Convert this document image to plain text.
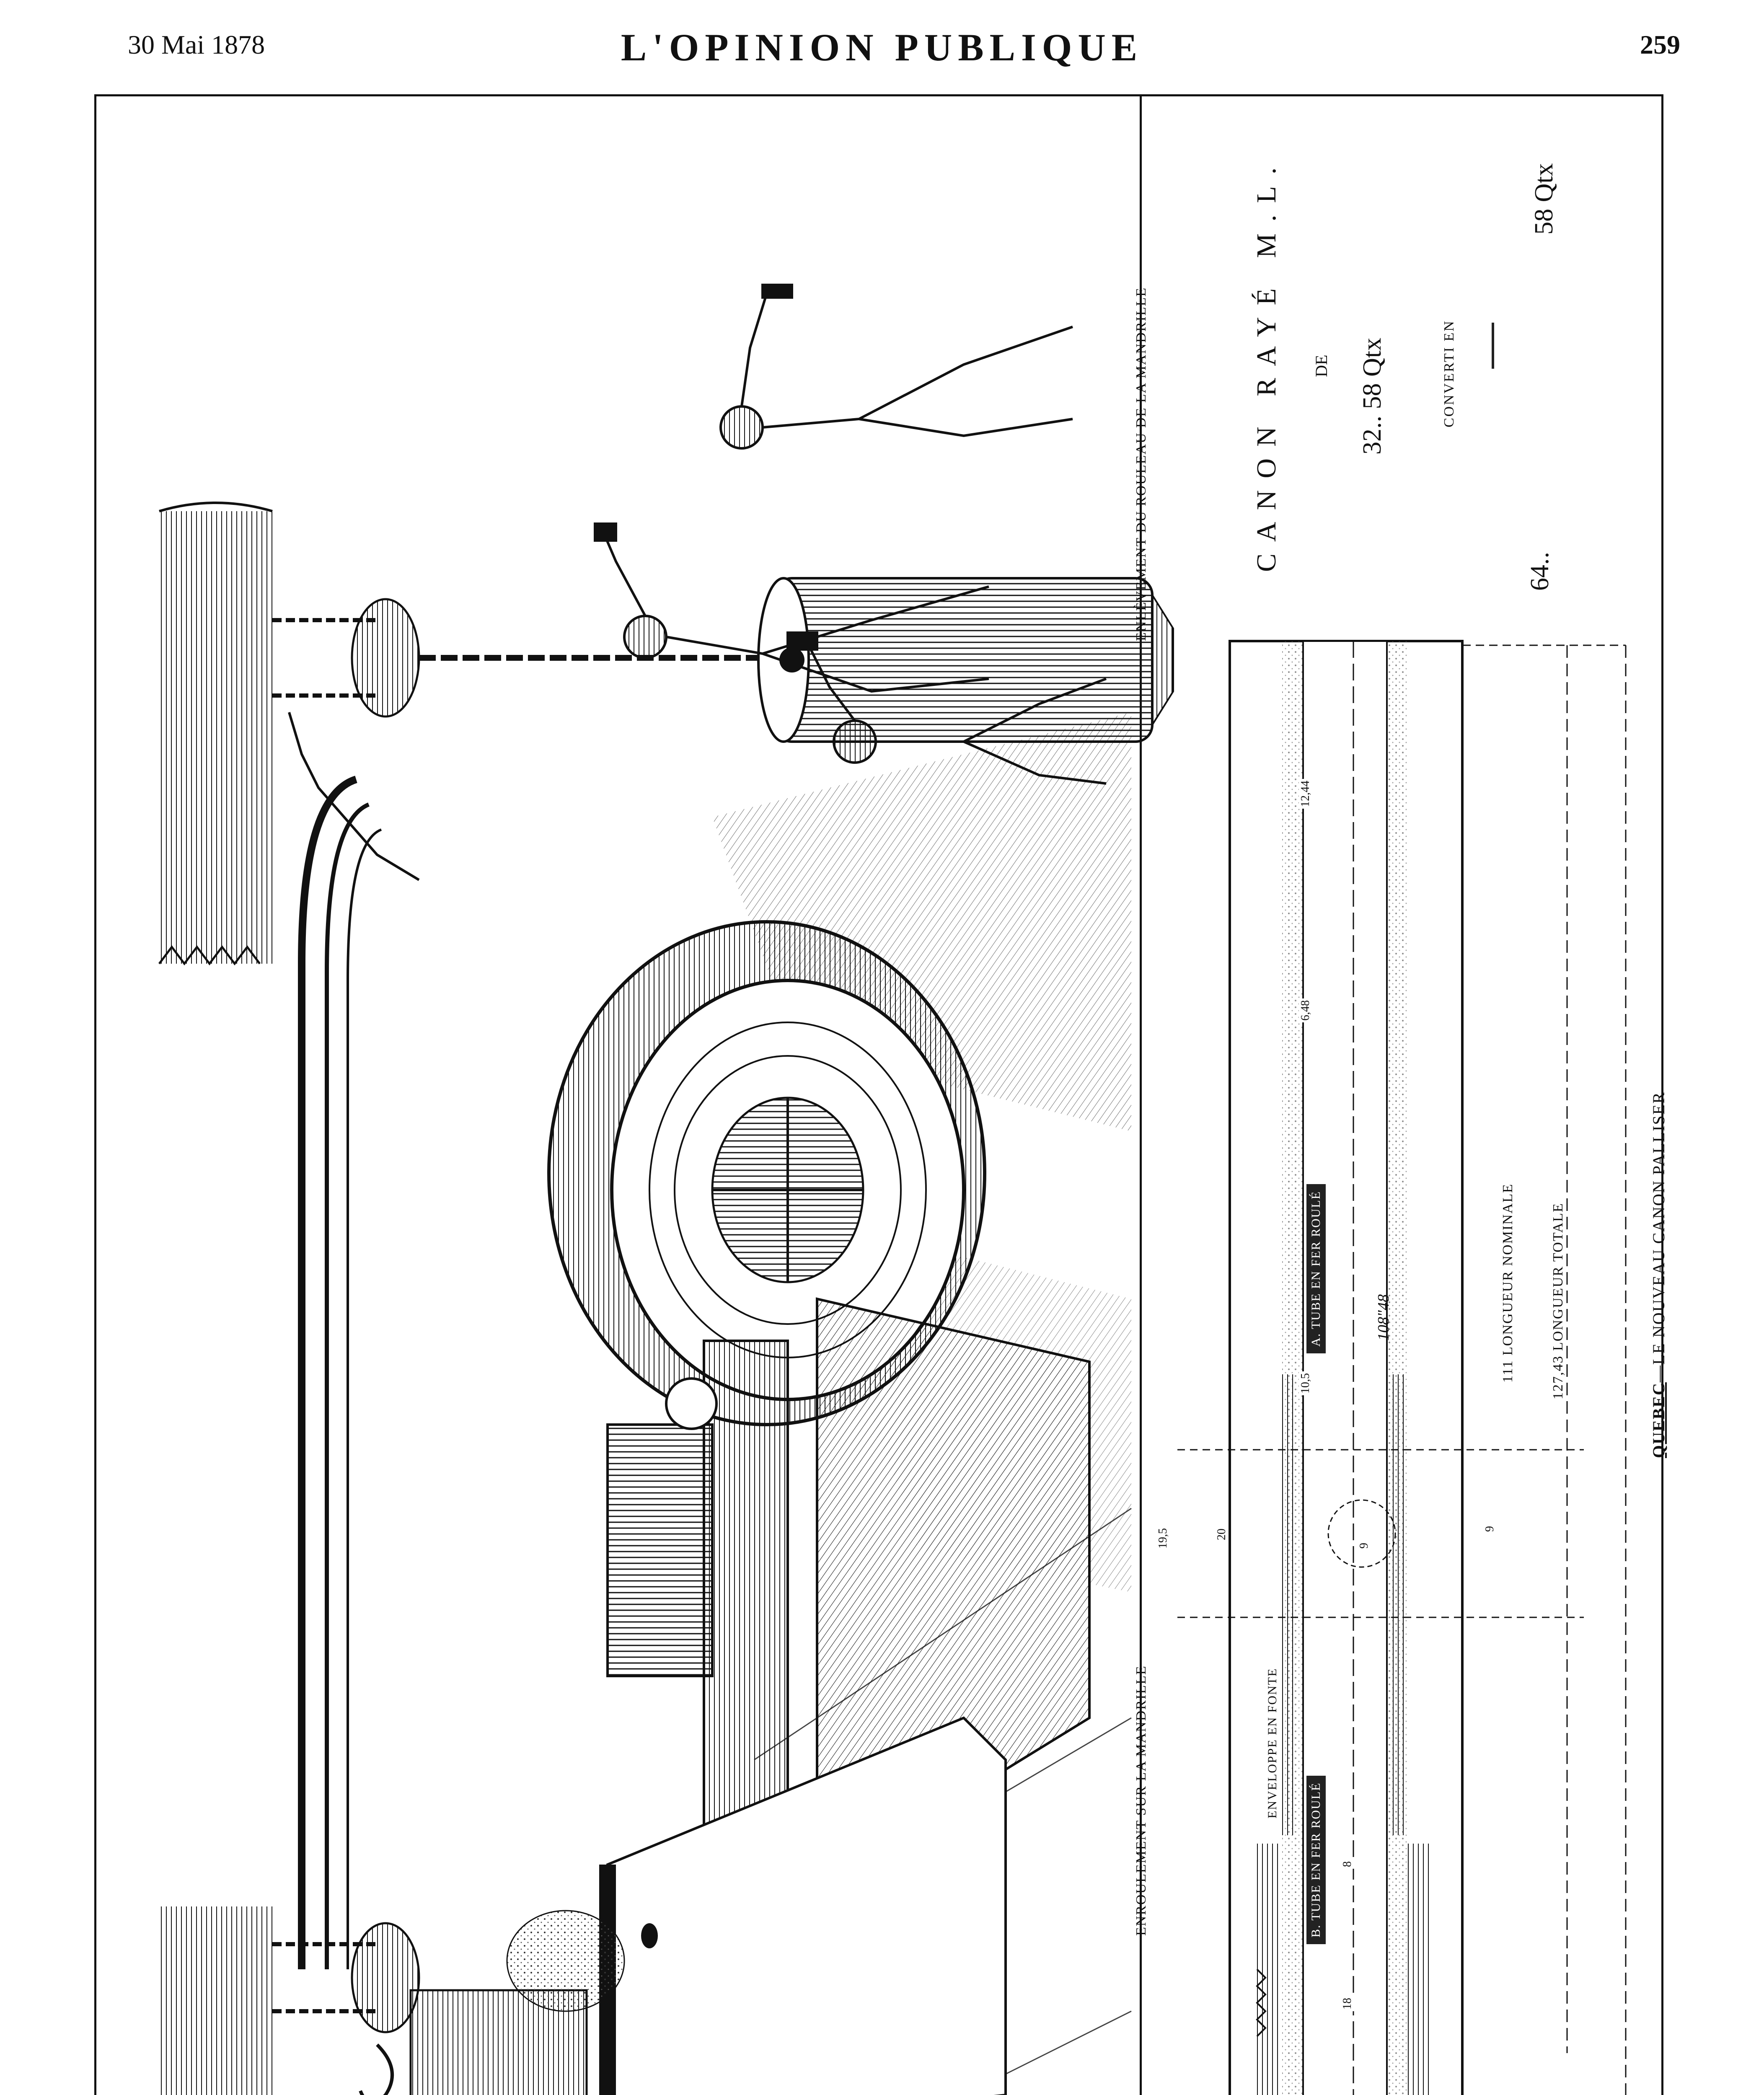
30 Mai 1878	L'OPINION PUBLIQUE	259
ENROULEMENT SUR LA MANDRILLE
ENLÈVEMENT DU ROULEAU DE LA MANDRILLE	CANON RAYÉ M.L. DE 32.. 58 Qtx	CONVERTI EN
64..
58 Qtx
A. TUBE EN FER ROULÉ
B. TUBE EN FER ROULÉ
ENVELOPPE EN FONTE
108"48
12,44
6,48
10,5
19,5	20	9
8
18
9
111 LONGUEUR NOMINALE 127,43 LONGUEUR TOTALE
QUEBEC—LE NOUVEAU CANON PALLISER
